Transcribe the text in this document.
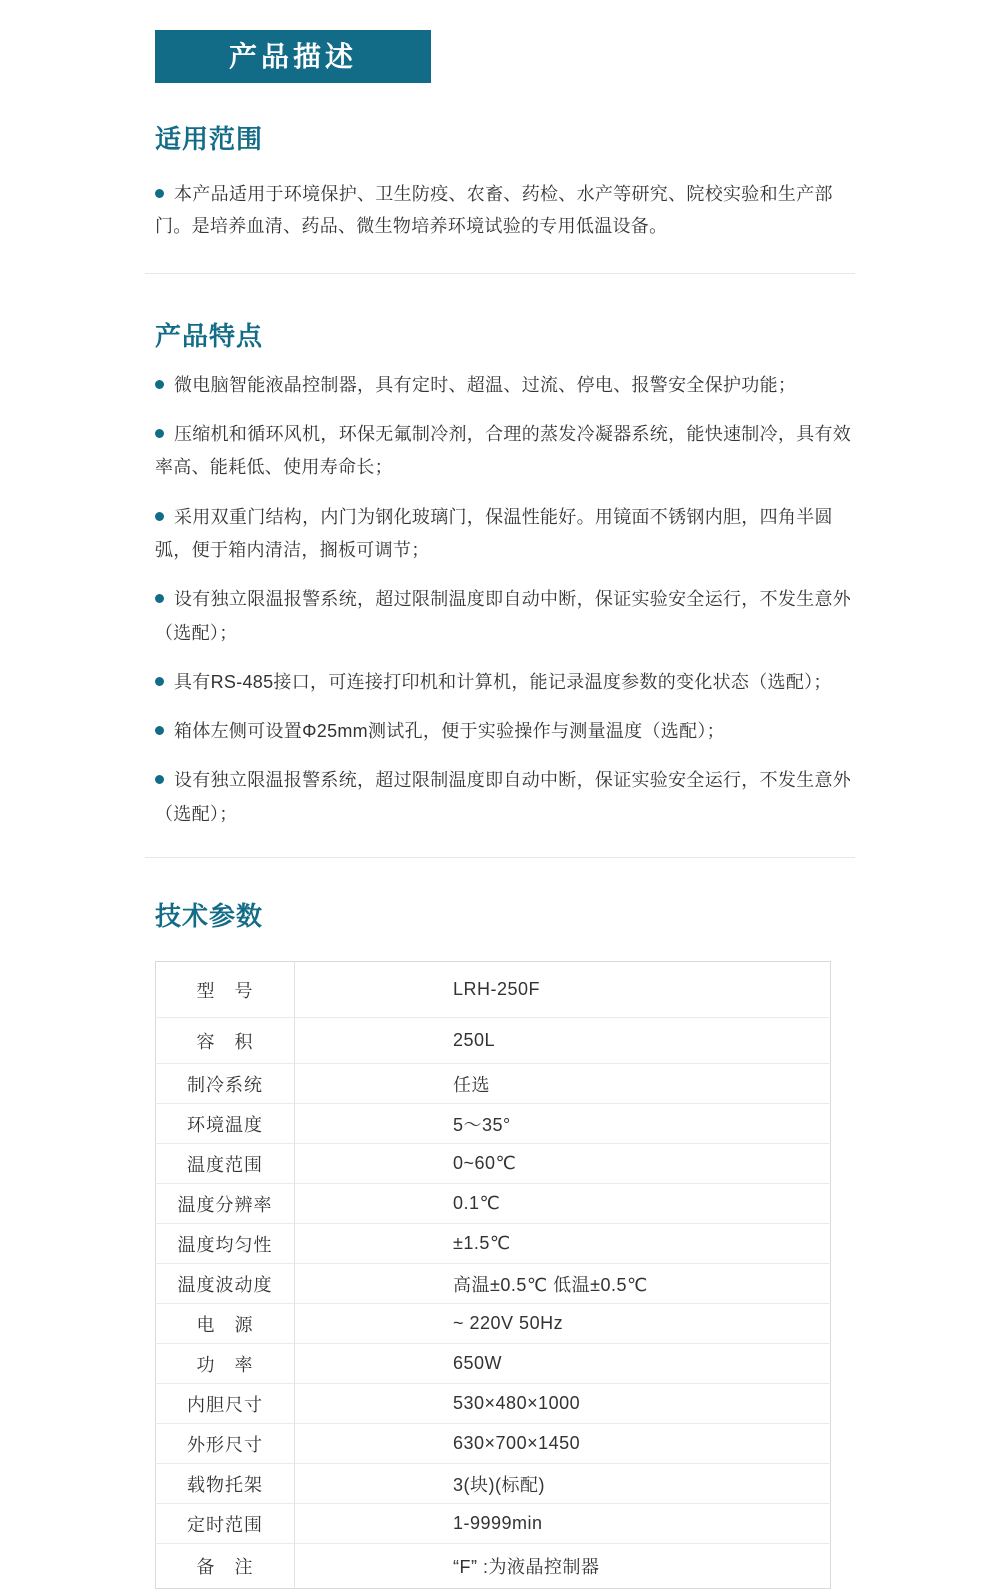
产品描述
适用范围

本产品适用于环境保护、卫生防疫、农畜、药检、水产等研究、院校实验和生产部门。是培养血清、药品、微生物培养环境试验的专用低温设备。

产品特点

微电脑智能液晶控制器，具有定时、超温、过流、停电、报警安全保护功能；

压缩机和循环风机，环保无氟制冷剂，合理的蒸发冷凝器系统，能快速制冷，具有效率高、能耗低、使用寿命长；

采用双重门结构，内门为钢化玻璃门，保温性能好。用镜面不锈钢内胆，四角半圆弧，便于箱内清洁，搁板可调节；

设有独立限温报警系统，超过限制温度即自动中断，保证实验安全运行，不发生意外（选配）；

具有RS-485接口，可连接打印机和计算机，能记录温度参数的变化状态（选配）；

箱体左侧可设置Φ25mm测试孔，便于实验操作与测量温度（选配）；

设有独立限温报警系统，超过限制温度即自动中断，保证实验安全运行，不发生意外（选配）；

技术参数
型　号	LRH-250F
容　积	250L
制冷系统	任选
环境温度	5～35°
温度范围	0~60℃
温度分辨率	0.1℃
温度均匀性	±1.5℃
温度波动度	高温±0.5℃ 低温±0.5℃
电　源	~ 220V 50Hz
功　率	650W
内胆尺寸	530×480×1000
外形尺寸	630×700×1450
载物托架	3(块)(标配)
定时范围	1-9999min
备　注	“F” :为液晶控制器
